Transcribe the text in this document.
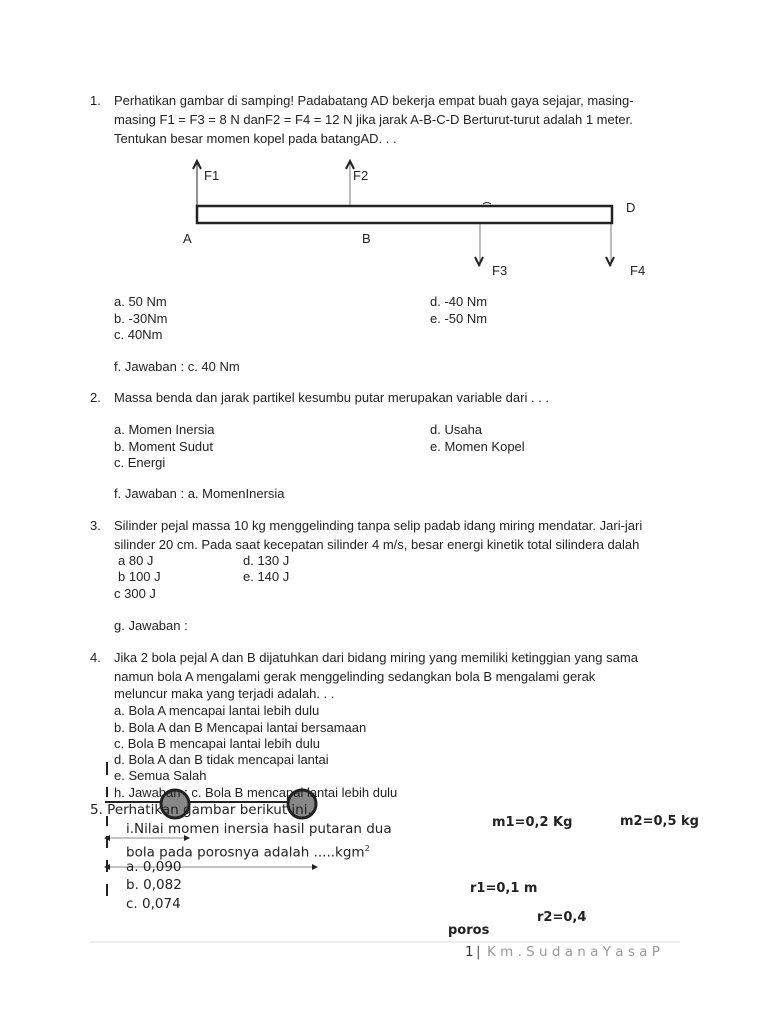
1. Perhatikan gambar di samping! Padabatang AD bekerja empat buah gaya sejajar, masing-
masing F1 = F3 = 8 N danF2 = F4 = 12 N jika jarak A-B-C-D Berturut-turut adalah 1 meter.
Tentukan besar momen kopel pada batangAD. . .
F1	F2
D
A	B
F3	F4
a. 50 Nm
b. -30Nm
c. 40Nm
d. -40 Nm
e. -50 Nm
f. Jawaban : c. 40 Nm
2. Massa benda dan jarak partikel kesumbu putar merupakan variable dari . . .
a. Momen Inersia
b. Moment Sudut
c. Energi
d. Usaha
e. Momen Kopel
f. Jawaban : a. MomenInersia
3. Silinder pejal massa 10 kg menggelinding tanpa selip padab idang miring mendatar. Jari-jari
silinder 20 cm. Pada saat kecepatan silinder 4 m/s, besar energi kinetik total silindera dalah
a 80 J
b 100 J
c 300 J
d. 130 J
e. 140 J
g. Jawaban :
4. Jika 2 bola pejal A dan B dijatuhkan dari bidang miring yang memiliki ketinggian yang sama
namun bola A mengalami gerak menggelinding sedangkan bola B mengalami gerak
meluncur maka yang terjadi adalah. . .
a. Bola A mencapai lantai lebih dulu
b. Bola A dan B Mencapai lantai bersamaan
c. Bola B mencapai lantai lebih dulu
d. Bola A dan B tidak mencapai lantai
e. Semua Salah
h. Jawaban : c. Bola B mencapai lantai lebih dulu
5. Perhatikan gambar berikut ini.
i.Nilai momen inersia hasil putaran dua
bola pada porosnya adalah .....kgm$^2$
a. 0,090
b. 0,082
c. 0,074
m1=0,2 Kg	m2=0,5 kg
r1=0,1 m
r2=0,4
poros
1 | K m . S u d a n a Y a s a P
